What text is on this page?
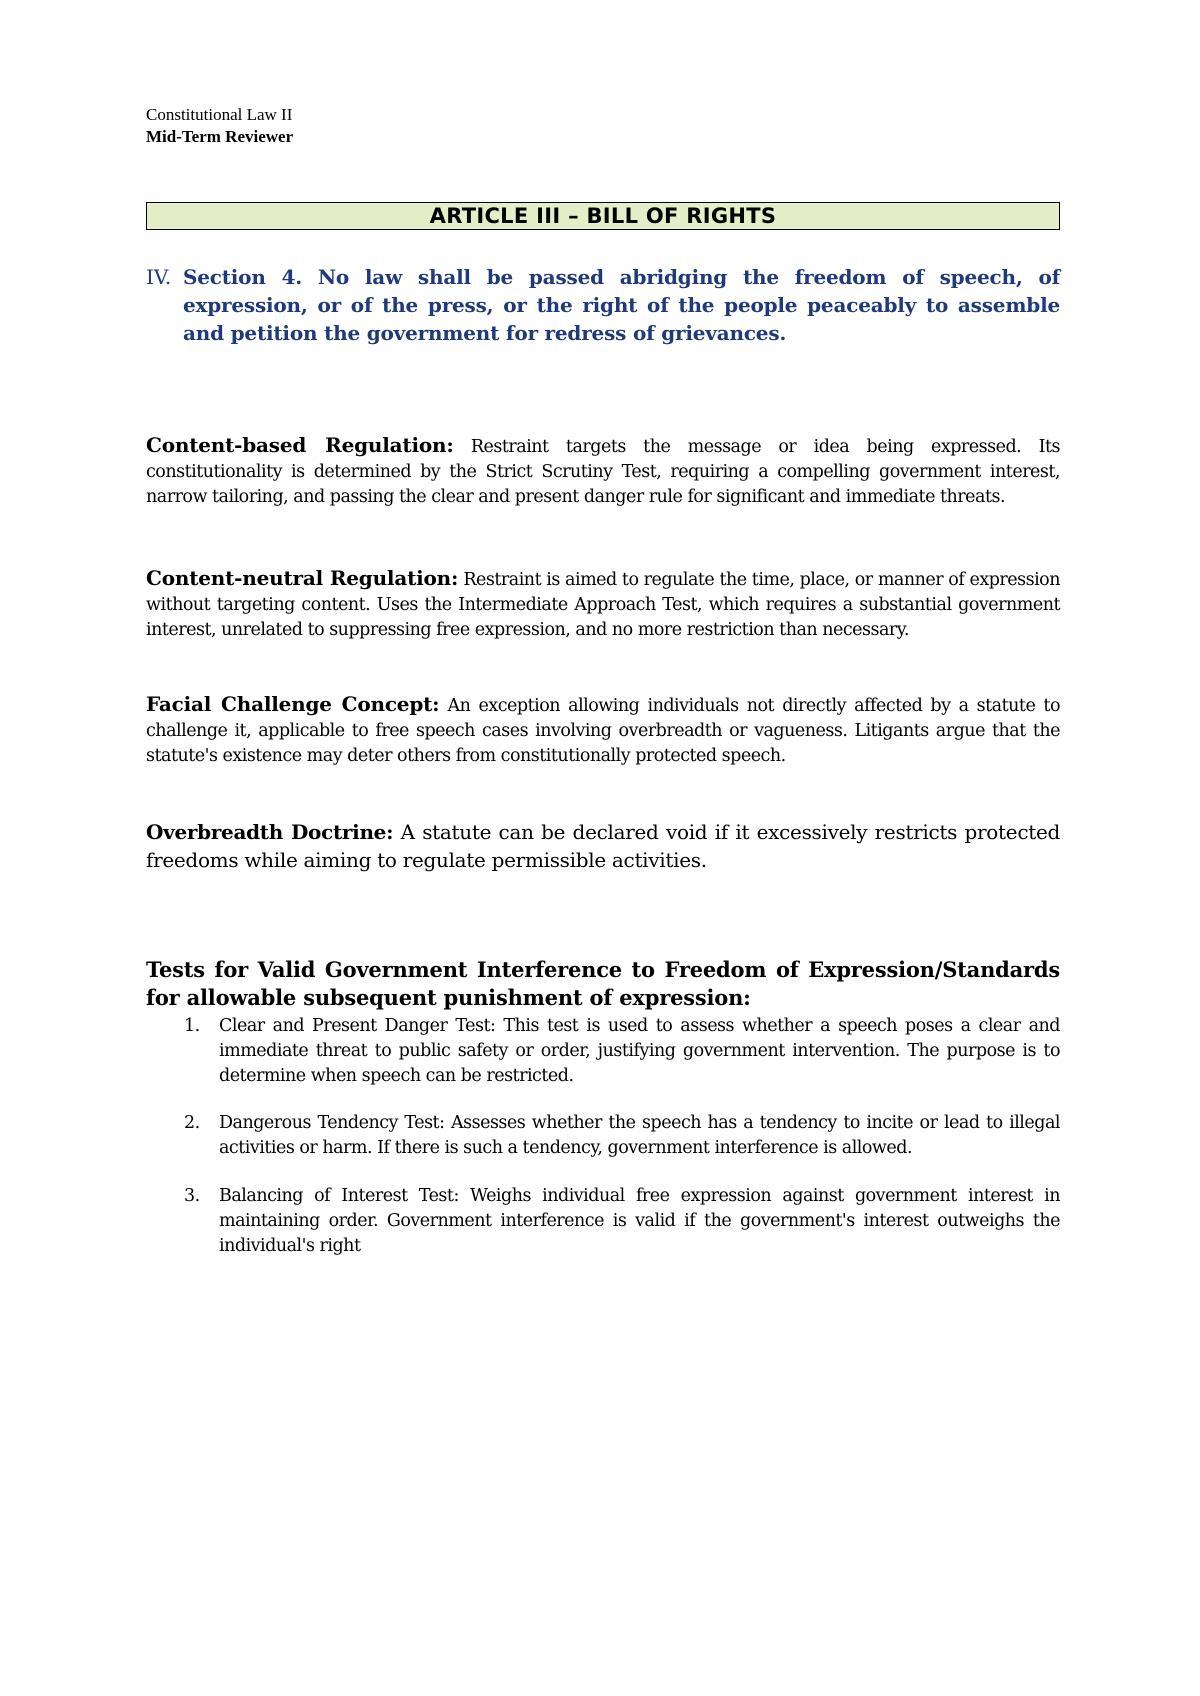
Constitutional Law II
Mid-Term Reviewer
ARTICLE III – BILL OF RIGHTS
IV. Section 4. No law shall be passed abridging the freedom of speech, of expression, or of the press, or the right of the people peaceably to assemble and petition the government for redress of grievances.
Content-based Regulation: Restraint targets the message or idea being expressed. Its constitutionality is determined by the Strict Scrutiny Test, requiring a compelling government interest, narrow tailoring, and passing the clear and present danger rule for significant and immediate threats.
Content-neutral Regulation: Restraint is aimed to regulate the time, place, or manner of expression without targeting content. Uses the Intermediate Approach Test, which requires a substantial government interest, unrelated to suppressing free expression, and no more restriction than necessary.
Facial Challenge Concept: An exception allowing individuals not directly affected by a statute to challenge it, applicable to free speech cases involving overbreadth or vagueness. Litigants argue that the statute's existence may deter others from constitutionally protected speech.
Overbreadth Doctrine: A statute can be declared void if it excessively restricts protected freedoms while aiming to regulate permissible activities.
Tests for Valid Government Interference to Freedom of Expression/Standards for allowable subsequent punishment of expression:
1. Clear and Present Danger Test: This test is used to assess whether a speech poses a clear and immediate threat to public safety or order, justifying government intervention. The purpose is to determine when speech can be restricted.
2. Dangerous Tendency Test: Assesses whether the speech has a tendency to incite or lead to illegal activities or harm. If there is such a tendency, government interference is allowed.
3. Balancing of Interest Test: Weighs individual free expression against government interest in maintaining order. Government interference is valid if the government's interest outweighs the individual's right
